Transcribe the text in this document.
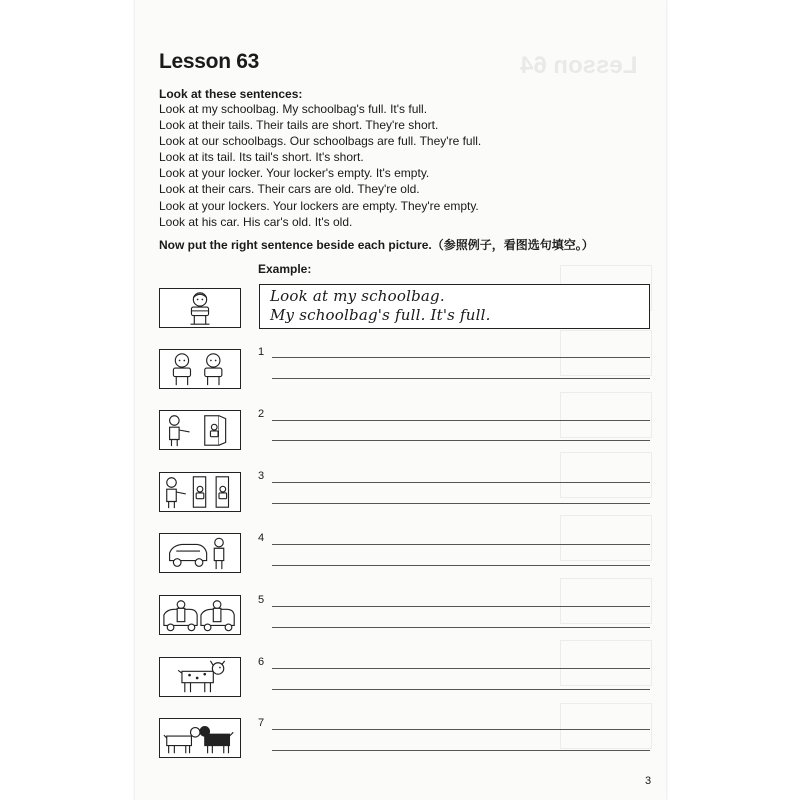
Lesson 64
Lesson 63
Look at these sentences:
Look at my schoolbag. My schoolbag's full. It's full.
Look at their tails. Their tails are short. They're short.
Look at our schoolbags. Our schoolbags are full. They're full.
Look at its tail. Its tail's short. It's short.
Look at your locker. Your locker's empty. It's empty.
Look at their cars. Their cars are old. They're old.
Look at your lockers. Your lockers are empty. They're empty.
Look at his car. His car's old. It's old.
Now put the right sentence beside each picture.（参照例子，看图选句填空。）
Example:
Look at my schoolbag.
My schoolbag's full. It's full.
1
2
3
4
5
6
7
3
